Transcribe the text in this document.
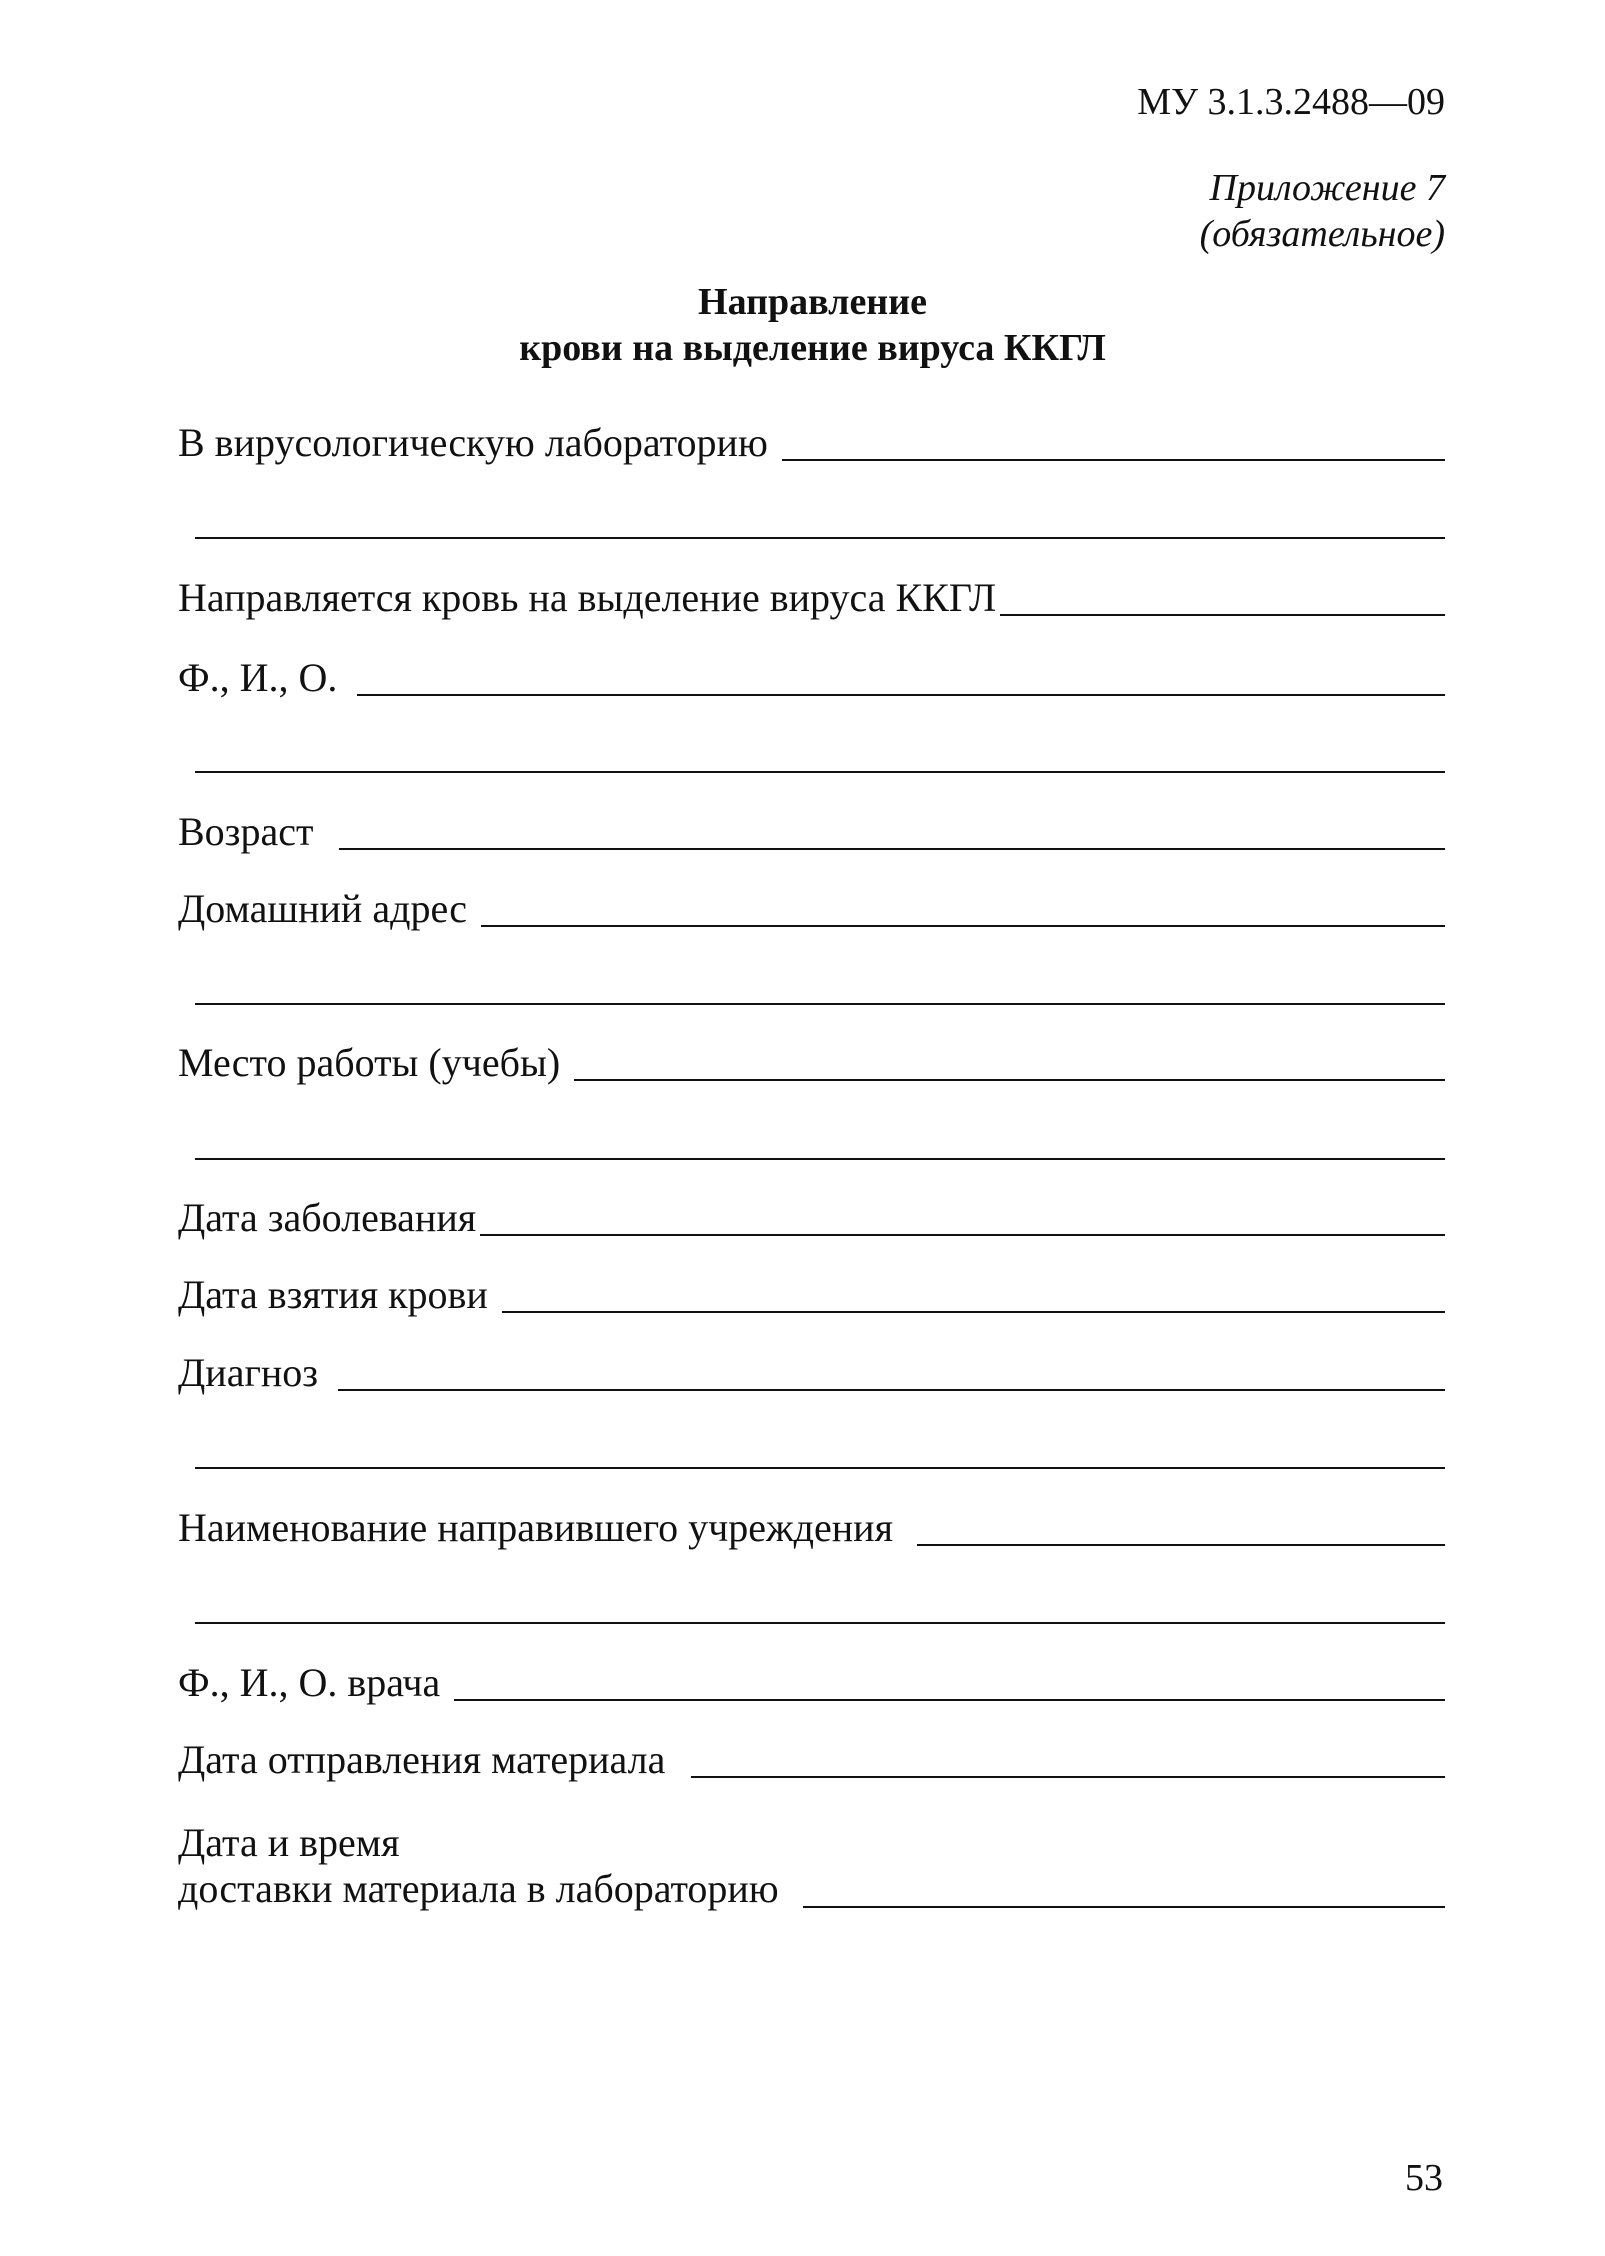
МУ 3.1.3.2488—09
Приложение 7
(обязательное)
Направление
крови на выделение вируса ККГЛ
В вирусологическую лабораторию
Направляется кровь на выделение вируса ККГЛ
Ф., И., О.
Возраст
Домашний адрес
Место работы (учебы)
Дата заболевания
Дата взятия крови
Диагноз
Наименование направившего учреждения
Ф., И., О. врача
Дата отправления материала
Дата и время
доставки материала в лабораторию
53
